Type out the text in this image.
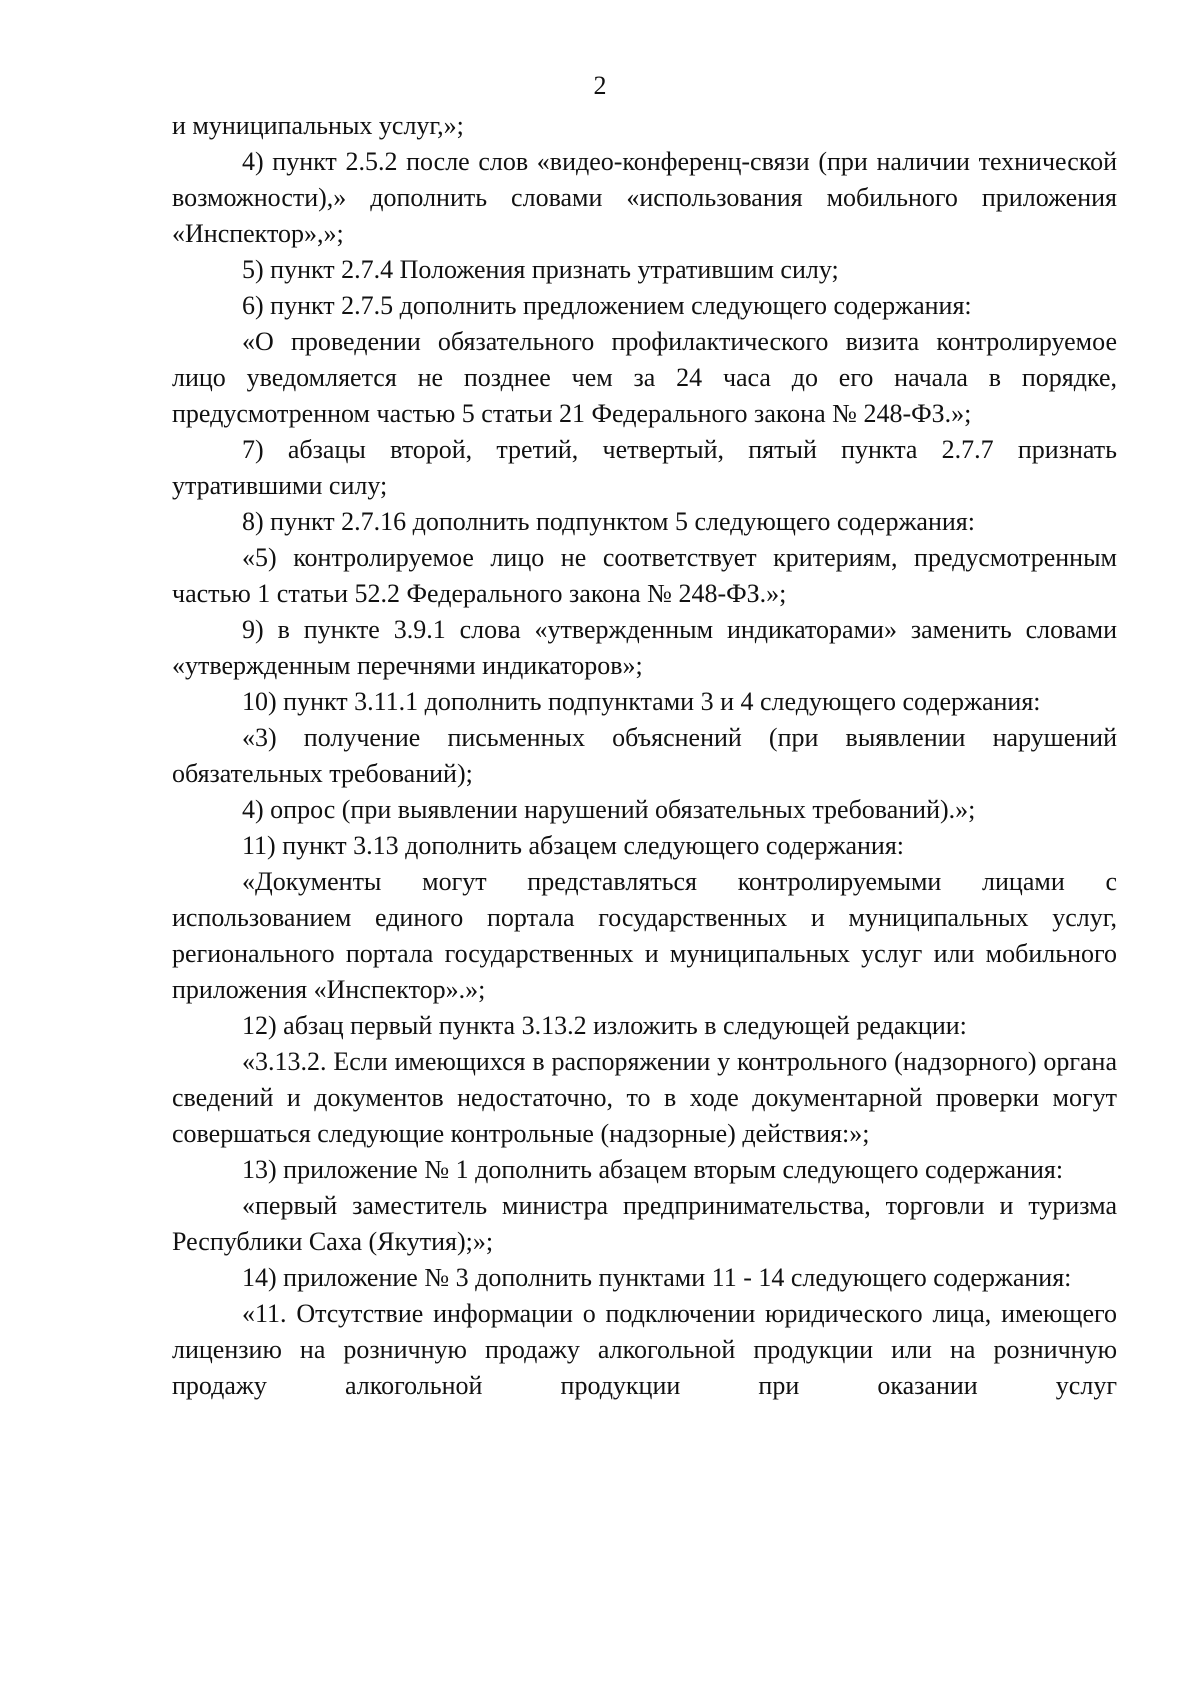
2

и муниципальных услуг,»;

4) пункт 2.5.2 после слов «видео-конференц-связи (при наличии технической возможности),» дополнить словами «использования мобильного приложения «Инспектор»,»;

5) пункт 2.7.4 Положения признать утратившим силу;

6) пункт 2.7.5 дополнить предложением следующего содержания:

«О проведении обязательного профилактического визита контролируемое лицо уведомляется не позднее чем за 24 часа до его начала в порядке, предусмотренном частью 5 статьи 21 Федерального закона № 248-ФЗ.»;

7) абзацы второй, третий, четвертый, пятый пункта 2.7.7 признать утратившими силу;

8) пункт 2.7.16 дополнить подпунктом 5 следующего содержания:

«5) контролируемое лицо не соответствует критериям, предусмотренным частью 1 статьи 52.2 Федерального закона № 248-ФЗ.»;

9) в пункте 3.9.1 слова «утвержденным индикаторами» заменить словами «утвержденным перечнями индикаторов»;

10) пункт 3.11.1 дополнить подпунктами 3 и 4 следующего содержания:

«3) получение письменных объяснений (при выявлении нарушений обязательных требований);

4) опрос (при выявлении нарушений обязательных требований).»;

11) пункт 3.13 дополнить абзацем следующего содержания:

«Документы могут представляться контролируемыми лицами с использованием единого портала государственных и муниципальных услуг, регионального портала государственных и муниципальных услуг или мобильного приложения «Инспектор».»;

12) абзац первый пункта 3.13.2 изложить в следующей редакции:

«3.13.2. Если имеющихся в распоряжении у контрольного (надзорного) органа сведений и документов недостаточно, то в ходе документарной проверки могут совершаться следующие контрольные (надзорные) действия:»;

13) приложение № 1 дополнить абзацем вторым следующего содержания:

«первый заместитель министра предпринимательства, торговли и туризма Республики Саха (Якутия);»;

14) приложение № 3 дополнить пунктами 11 - 14 следующего содержания:

«11. Отсутствие информации о подключении юридического лица, имеющего лицензию на розничную продажу алкогольной продукции или на розничную продажу алкогольной продукции при оказании услуг
